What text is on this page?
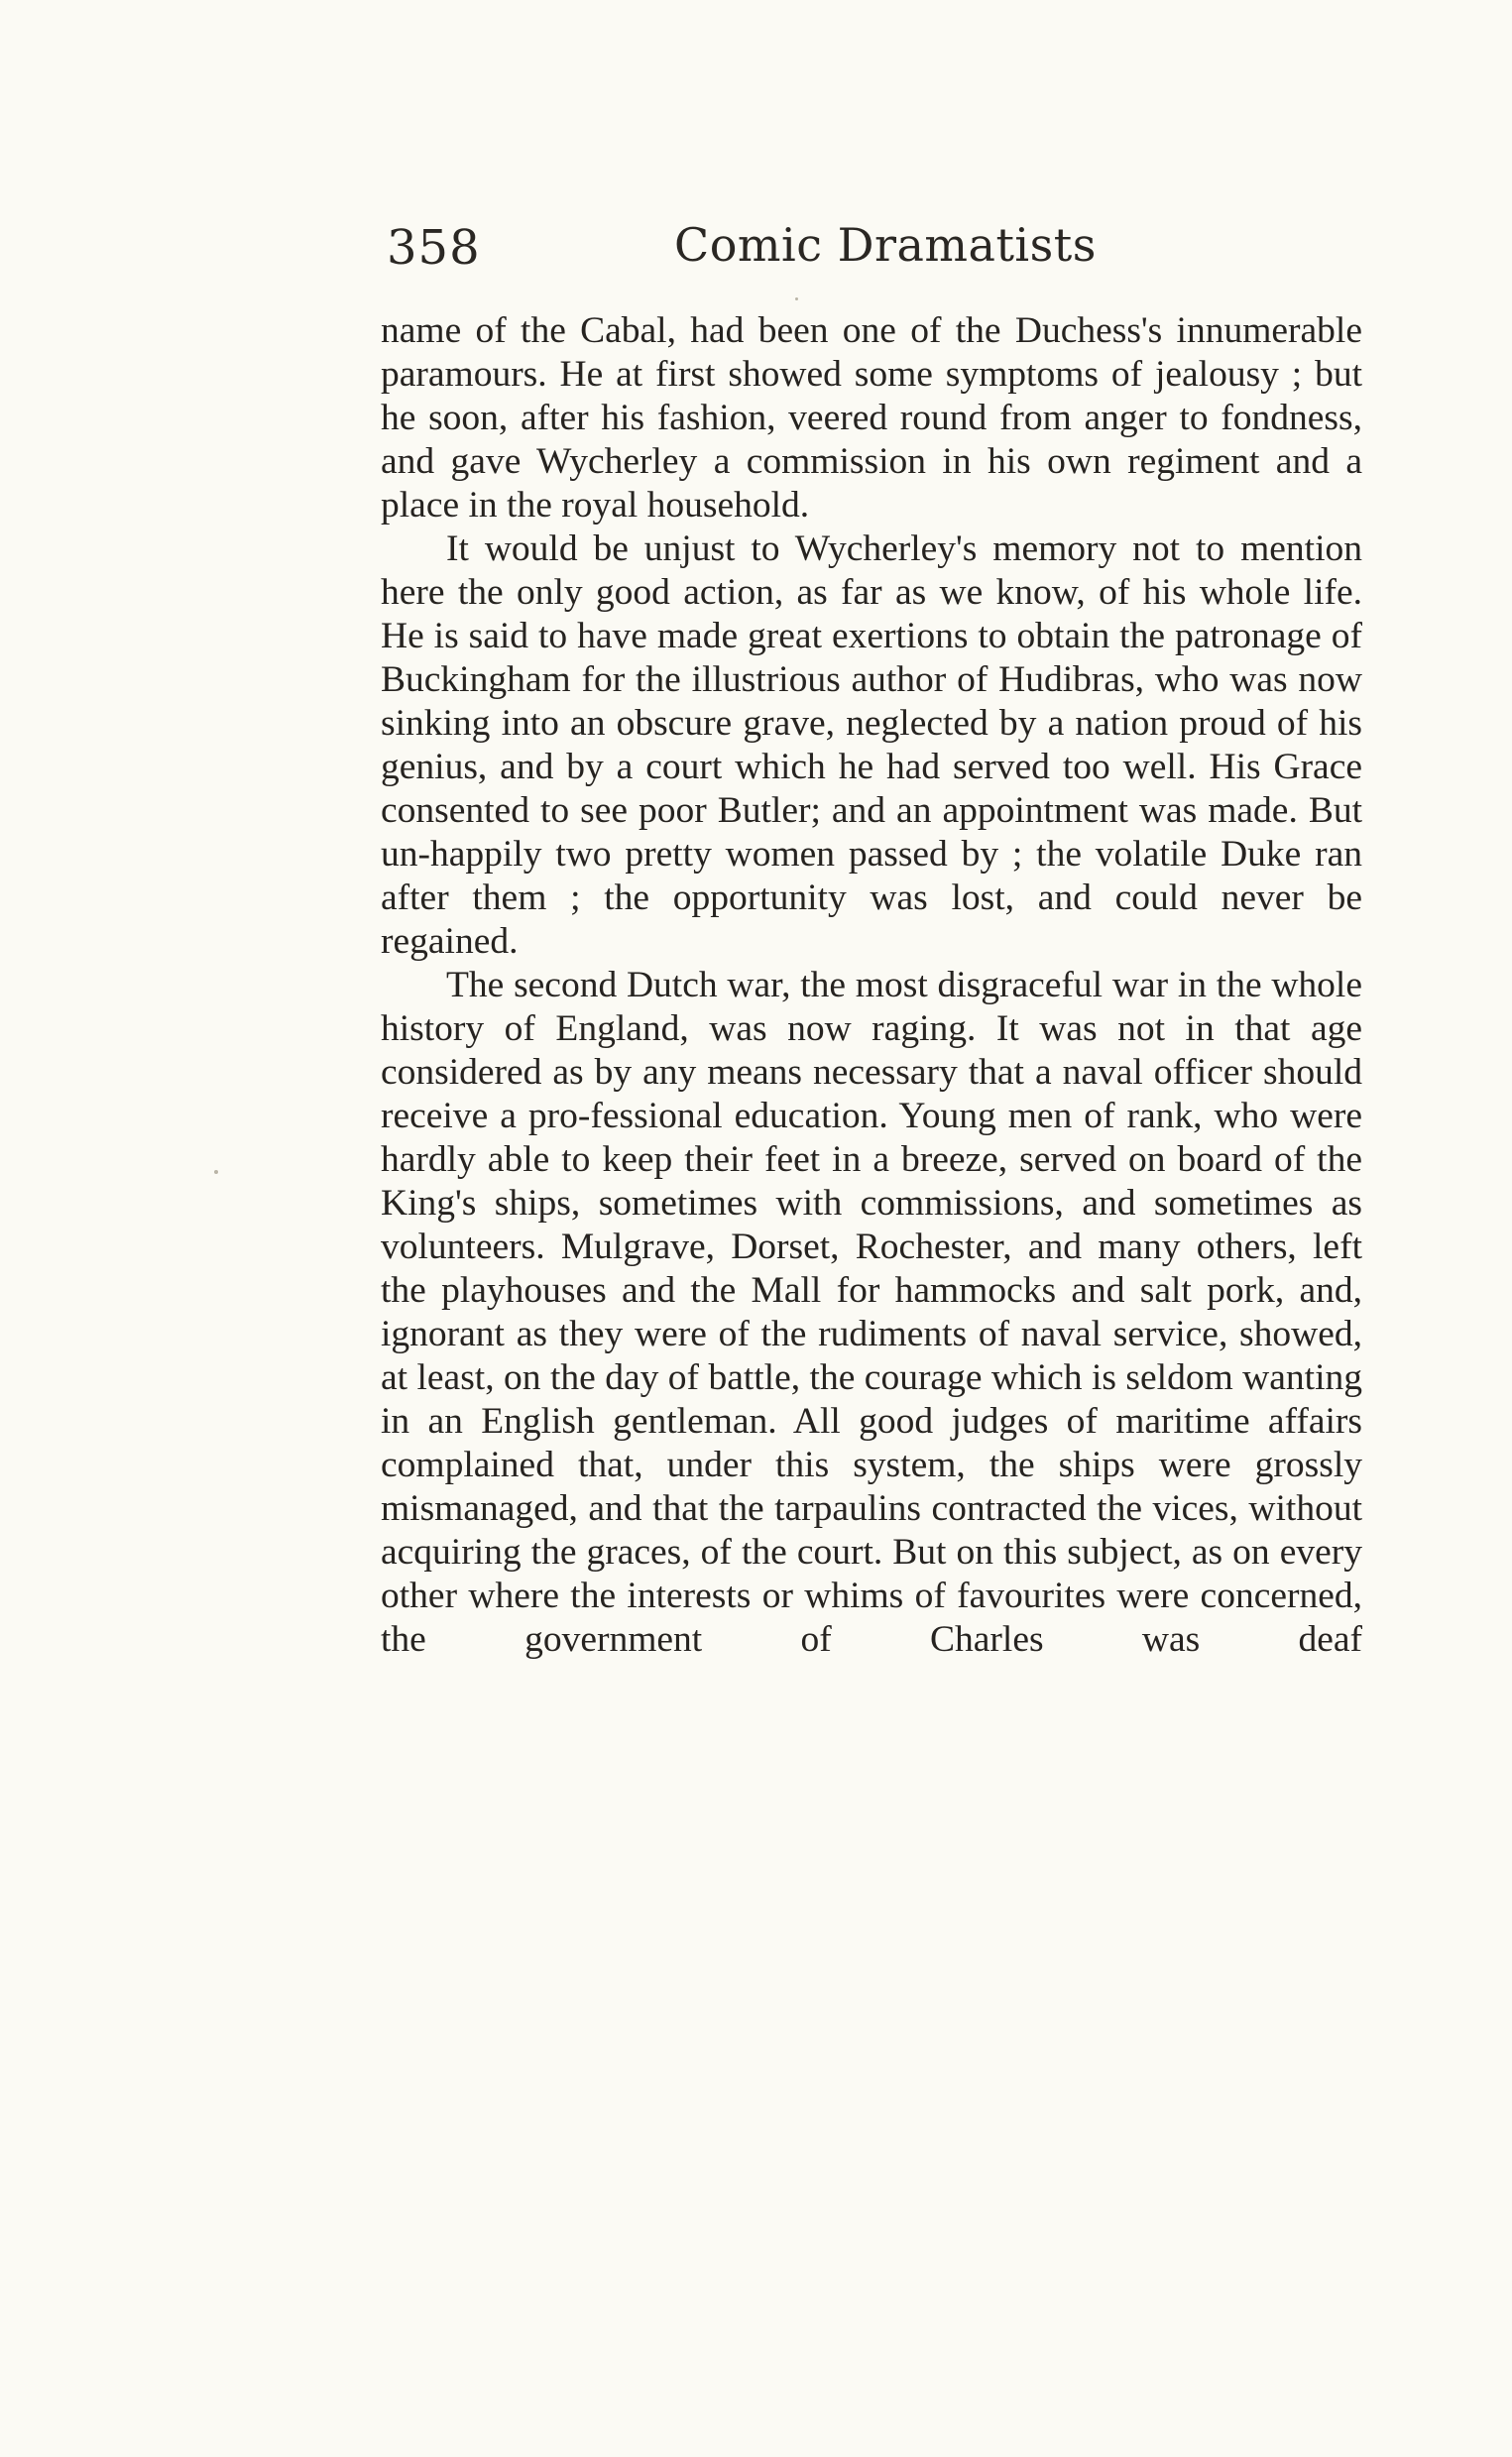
358	Comic Dramatists

name of the Cabal, had been one of the Duchess's innumerable paramours. He at first showed some symptoms of jealousy ; but he soon, after his fashion, veered round from anger to fondness, and gave Wycherley a commission in his own regiment and a place in the royal household.

It would be unjust to Wycherley's memory not to mention here the only good action, as far as we know, of his whole life. He is said to have made great exertions to obtain the patronage of Buckingham for the illustrious author of Hudibras, who was now sinking into an obscure grave, neglected by a nation proud of his genius, and by a court which he had served too well. His Grace consented to see poor Butler; and an appointment was made. But un-happily two pretty women passed by ; the volatile Duke ran after them ; the opportunity was lost, and could never be regained.

The second Dutch war, the most disgraceful war in the whole history of England, was now raging. It was not in that age considered as by any means necessary that a naval officer should receive a pro-fessional education. Young men of rank, who were hardly able to keep their feet in a breeze, served on board of the King's ships, sometimes with commissions, and sometimes as volunteers. Mulgrave, Dorset, Rochester, and many others, left the playhouses and the Mall for hammocks and salt pork, and, ignorant as they were of the rudiments of naval service, showed, at least, on the day of battle, the courage which is seldom wanting in an English gentleman. All good judges of maritime affairs complained that, under this system, the ships were grossly mismanaged, and that the tarpaulins contracted the vices, without acquiring the graces, of the court. But on this subject, as on every other where the interests or whims of favourites were concerned, the government of Charles was deaf
